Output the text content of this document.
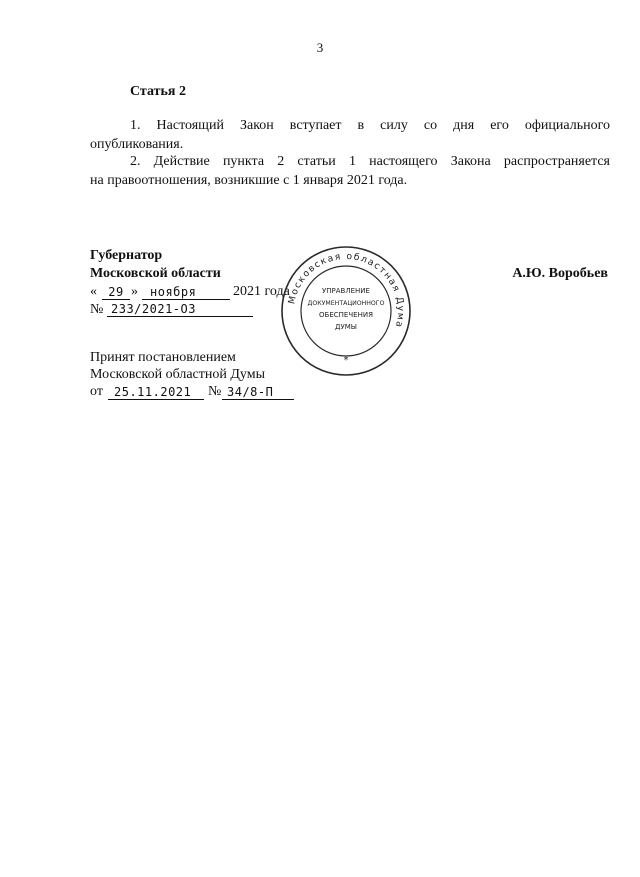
3
Статья 2
1. Настоящий Закон вступает в силу со дня его официального
опубликования.
2. Действие пункта 2 статьи 1 настоящего Закона распространяется
на правоотношения, возникшие с 1 января 2021 года.
Губернатор
Московской области	А.Ю. Воробьев
« 29 »	ноября	2021 года
№ 233/2021-ОЗ
Принят постановлением
Московской областной Думы
от 25.11.2021	№ 34/8-П
Московская областная Дума
УПРАВЛЕНИЕ
ДОКУМЕНТАЦИОННОГО
ОБЕСПЕЧЕНИЯ
ДУМЫ
*
